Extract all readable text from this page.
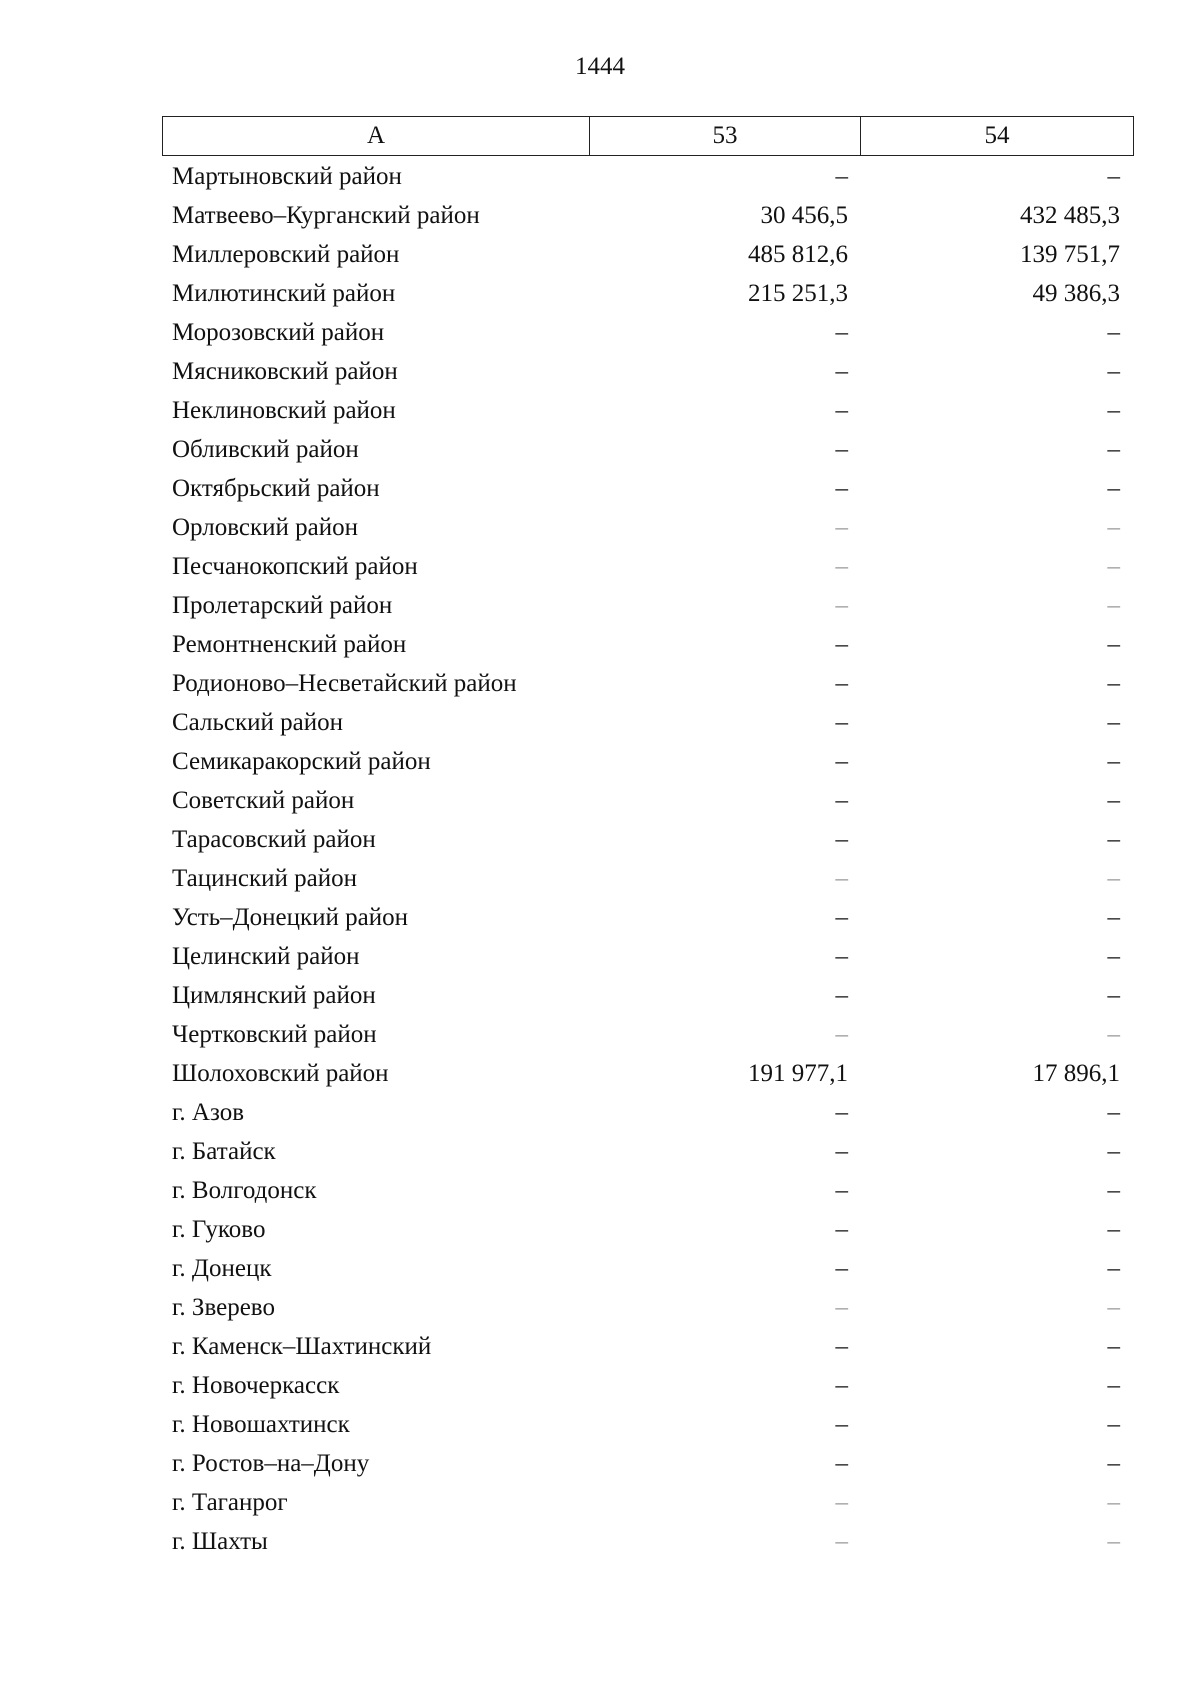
1444
А	53	54
Мартыновский район	–	–
Матвеево–Курганский район	30 456,5	432 485,3
Миллеровский район	485 812,6	139 751,7
Милютинский район	215 251,3	49 386,3
Морозовский район	–	–
Мясниковский район	–	–
Неклиновский район	–	–
Обливский район	–	–
Октябрьский район	–	–
Орловский район	–	–
Песчанокопский район	–	–
Пролетарский район	–	–
Ремонтненский район	–	–
Родионово–Несветайский район	–	–
Сальский район	–	–
Семикаракорский район	–	–
Советский район	–	–
Тарасовский район	–	–
Тацинский район	–	–
Усть–Донецкий район	–	–
Целинский район	–	–
Цимлянский район	–	–
Чертковский район	–	–
Шолоховский район	191 977,1	17 896,1
г. Азов	–	–
г. Батайск	–	–
г. Волгодонск	–	–
г. Гуково	–	–
г. Донецк	–	–
г. Зверево	–	–
г. Каменск–Шахтинский	–	–
г. Новочеркасск	–	–
г. Новошахтинск	–	–
г. Ростов–на–Дону	–	–
г. Таганрог	–	–
г. Шахты	–	–
